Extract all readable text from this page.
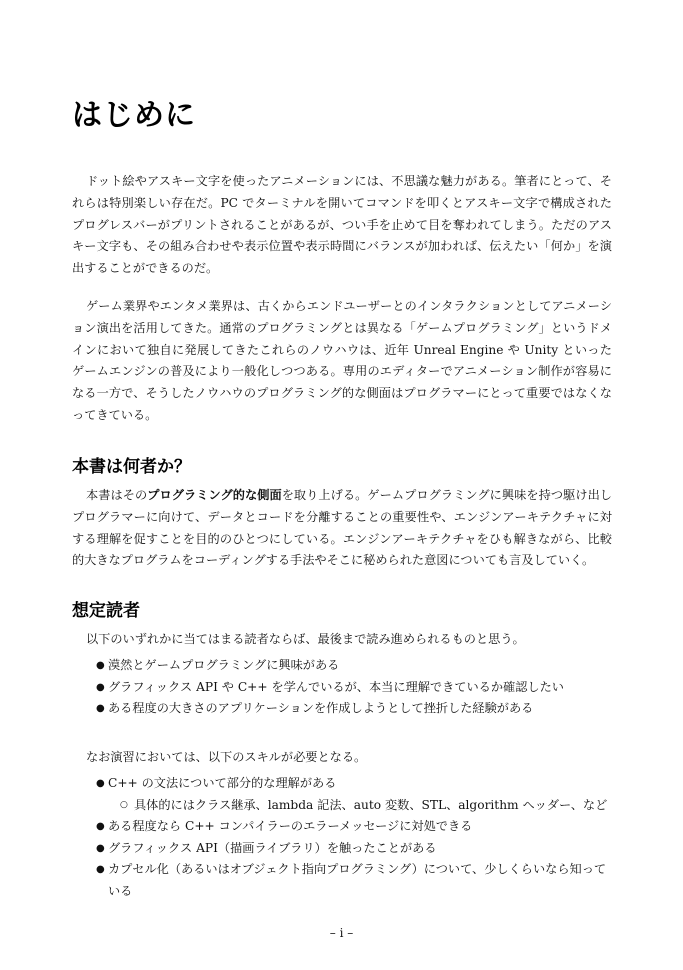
はじめに

ドット絵やアスキー文字を使ったアニメーションには、不思議な魅力がある。筆者にとって、それらは特別楽しい存在だ。PC でターミナルを開いてコマンドを叩くとアスキー文字で構成されたプログレスバーがプリントされることがあるが、つい手を止めて目を奪われてしまう。ただのアスキー文字も、その組み合わせや表示位置や表示時間にバランスが加われば、伝えたい「何か」を演出することができるのだ。

ゲーム業界やエンタメ業界は、古くからエンドユーザーとのインタラクションとしてアニメーション演出を活用してきた。通常のプログラミングとは異なる「ゲームプログラミング」というドメインにおいて独自に発展してきたこれらのノウハウは、近年 Unreal Engine や Unity といったゲームエンジンの普及により一般化しつつある。専用のエディターでアニメーション制作が容易になる一方で、そうしたノウハウのプログラミング的な側面はプログラマーにとって重要ではなくなってきている。

本書は何者か？

本書はそのプログラミング的な側面を取り上げる。ゲームプログラミングに興味を持つ駆け出しプログラマーに向けて、データとコードを分離することの重要性や、エンジンアーキテクチャに対する理解を促すことを目的のひとつにしている。エンジンアーキテクチャをひも解きながら、比較的大きなプログラムをコーディングする手法やそこに秘められた意図についても言及していく。

想定読者

以下のいずれかに当てはまる読者ならば、最後まで読み進められるものと思う。

● 漠然とゲームプログラミングに興味がある
● グラフィックス API や C++ を学んでいるが、本当に理解できているか確認したい
● ある程度の大きさのアプリケーションを作成しようとして挫折した経験がある

なお演習においては、以下のスキルが必要となる。

● C++ の文法について部分的な理解がある
○ 具体的にはクラス継承、lambda 記法、auto 変数、STL、algorithm ヘッダー、など
● ある程度なら C++ コンパイラーのエラーメッセージに対処できる
● グラフィックス API（描画ライブラリ）を触ったことがある
● カプセル化（あるいはオブジェクト指向プログラミング）について、少しくらいなら知っている
– i –
